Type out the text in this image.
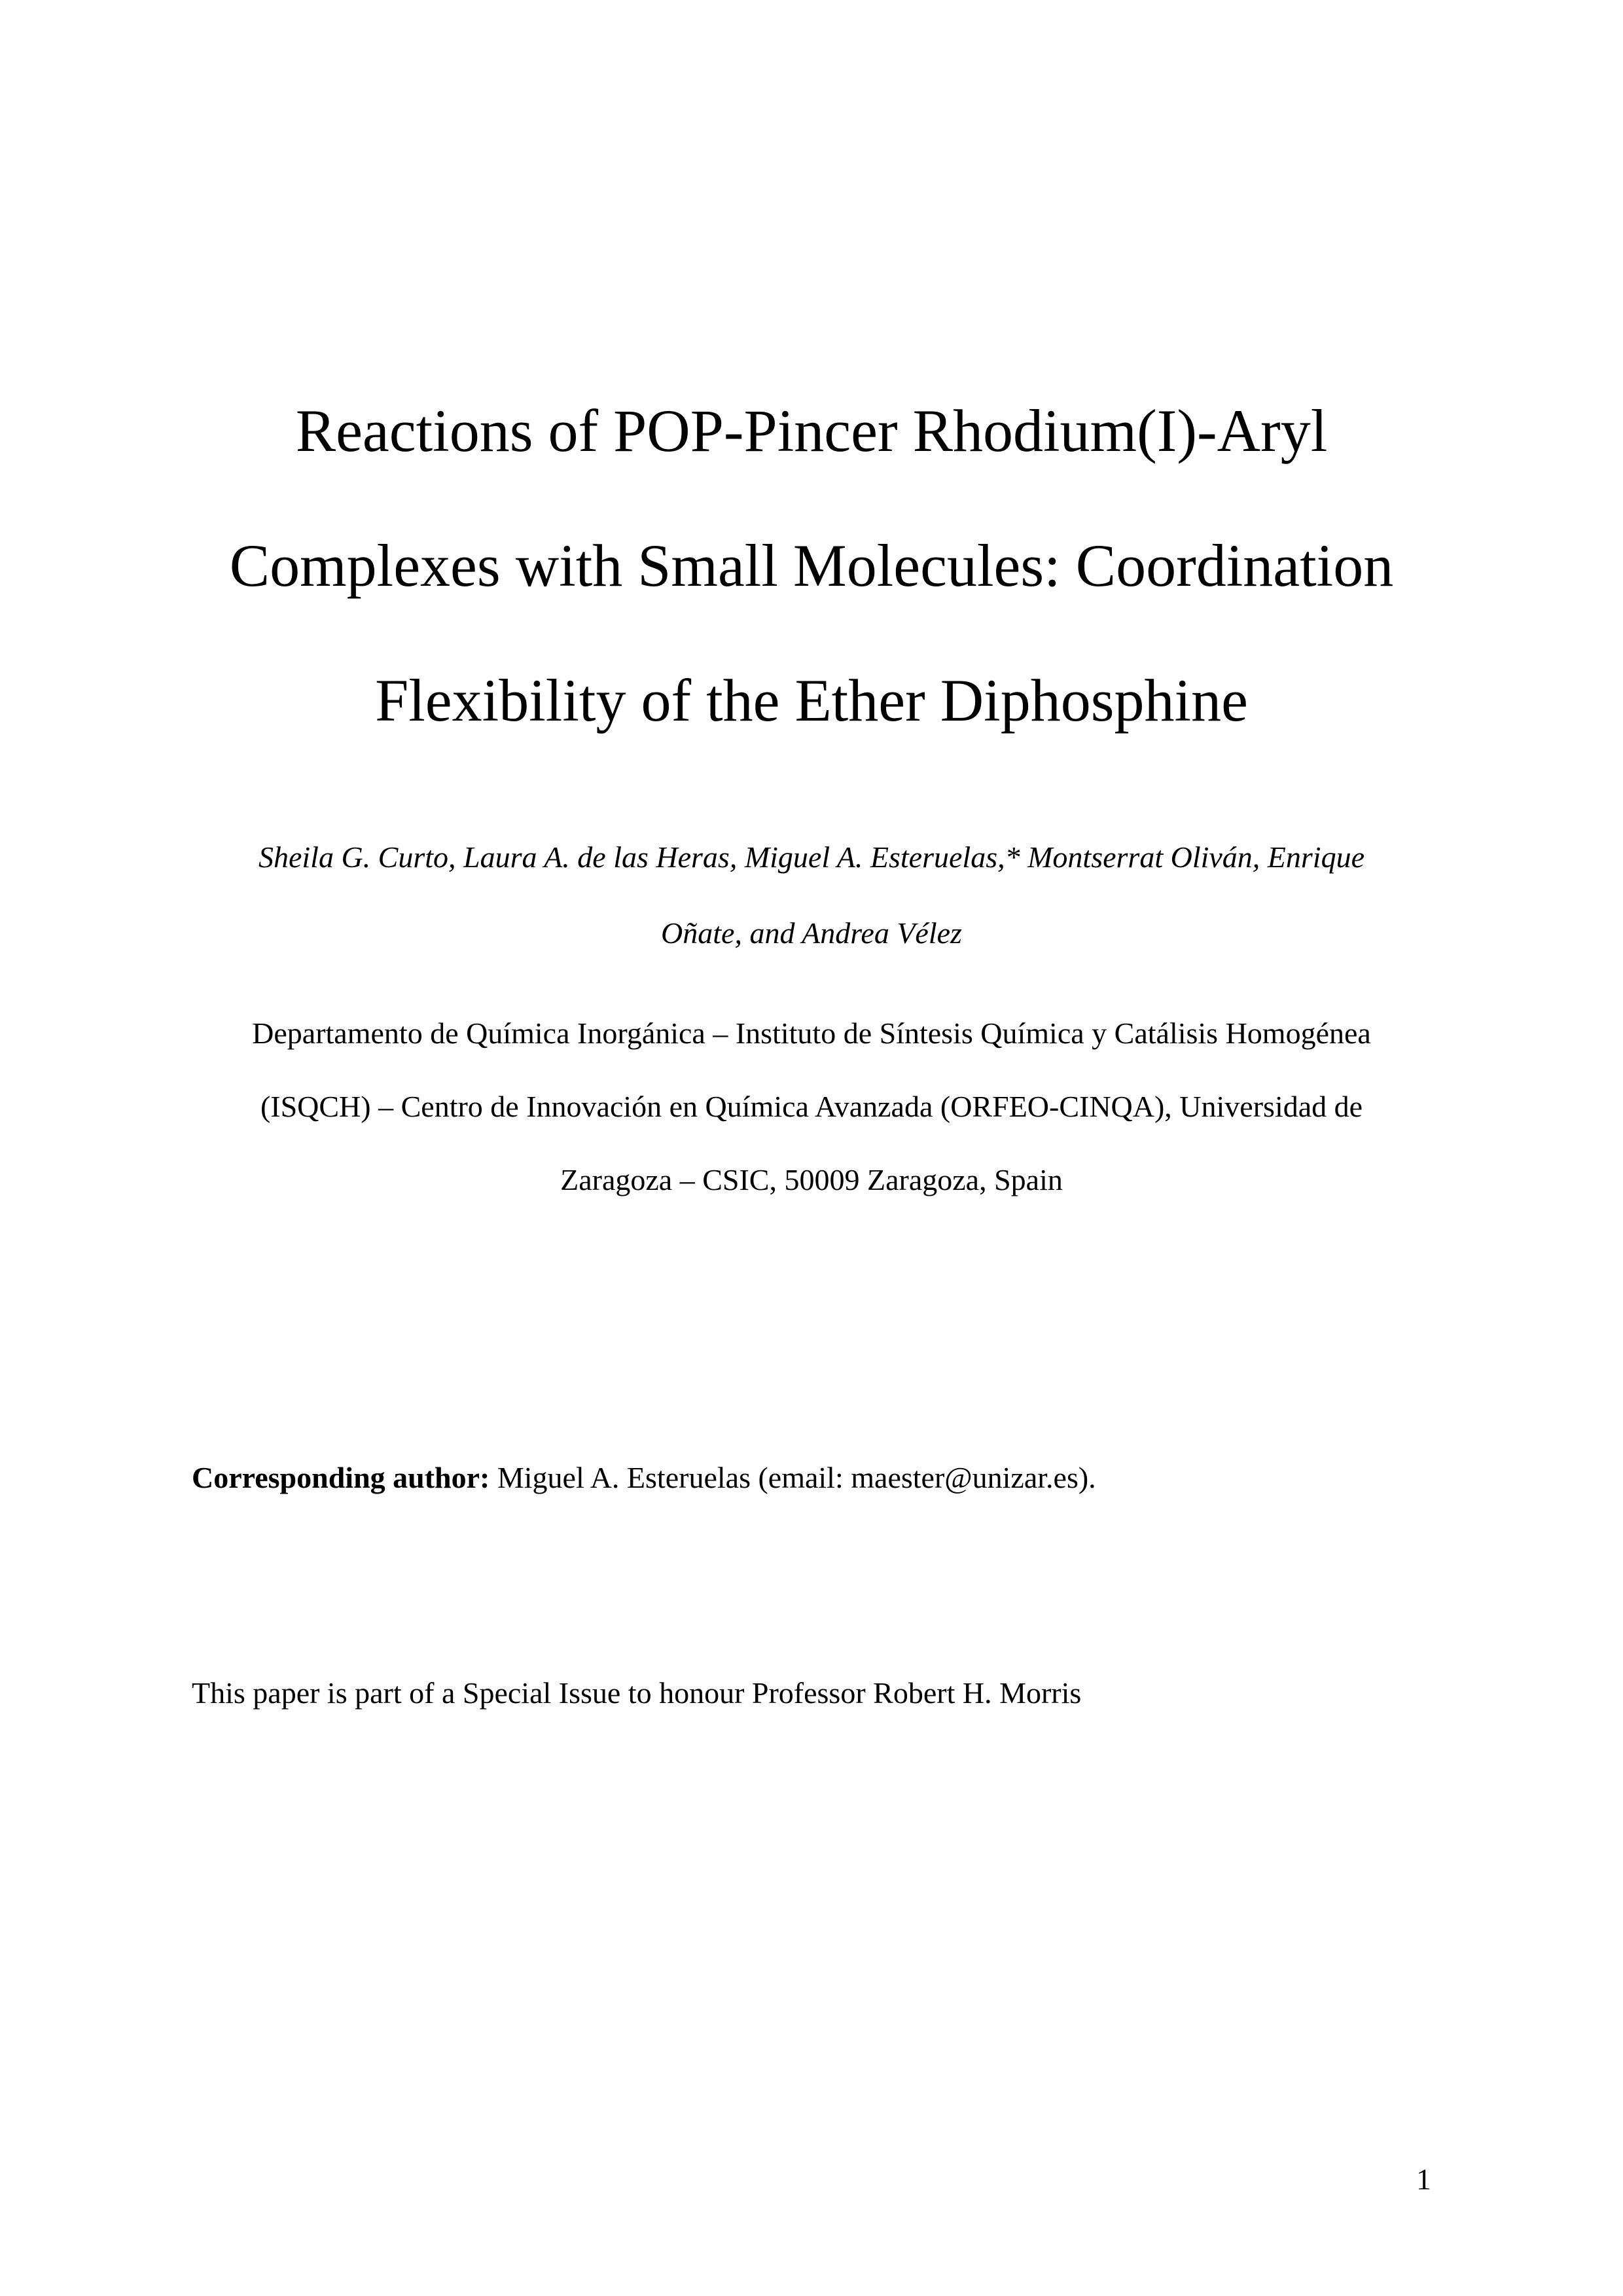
Reactions of POP-Pincer Rhodium(I)-Aryl
Complexes with Small Molecules: Coordination
Flexibility of the Ether Diphosphine

Sheila G. Curto, Laura A. de las Heras, Miguel A. Esteruelas,* Montserrat Oliván, Enrique
Oñate, and Andrea Vélez

Departamento de Química Inorgánica – Instituto de Síntesis Química y Catálisis Homogénea
(ISQCH) – Centro de Innovación en Química Avanzada (ORFEO-CINQA), Universidad de
Zaragoza – CSIC, 50009 Zaragoza, Spain

Corresponding author: Miguel A. Esteruelas (email: maester@unizar.es).

This paper is part of a Special Issue to honour Professor Robert H. Morris

1
